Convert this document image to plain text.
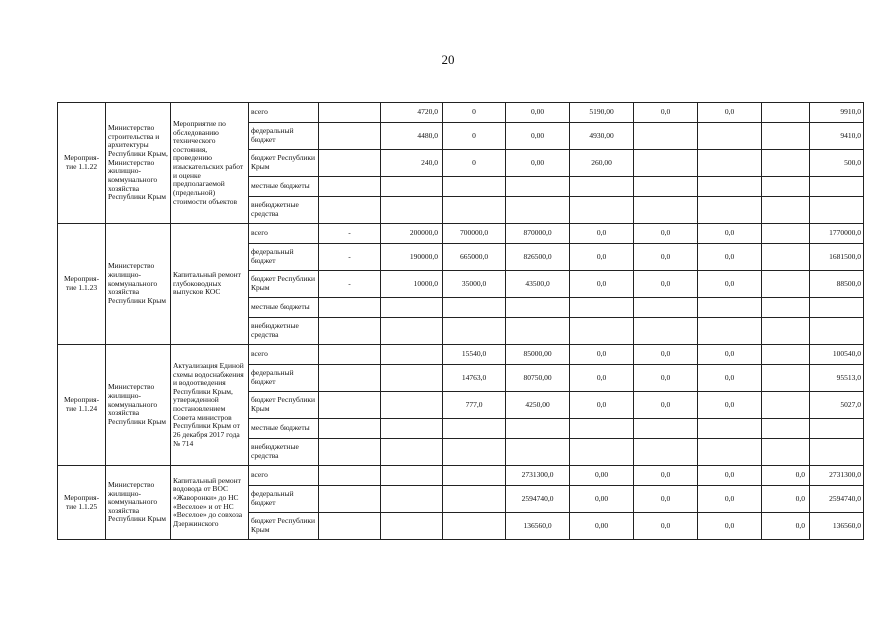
20
Мероприя-
тие 1.1.22	Министерство строительства и архитектуры Республики Крым, Министерство жилищно-коммунального хозяйства Республики Крым	Мероприятие по обследованию технического состояния, проведению изыскательских работ и оценке предполагаемой (предельной) стоимости объектов	всего		4720,0	0	0,00	5190,00	0,0	0,0		9910,0
			федеральный бюджет		4480,0	0	0,00	4930,00				9410,0
			бюджет Республики Крым		240,0	0	0,00	260,00				500,0
			местные бюджеты									
			внебюджетные средства									
Мероприя-
тие 1.1.23	Министерство жилищно-коммунального хозяйства Республики Крым	Капитальный ремонт глубоководных выпусков КОС	всего	-	200000,0	700000,0	870000,0	0,0	0,0	0,0		1770000,0
			федеральный бюджет	-	190000,0	665000,0	826500,0	0,0	0,0	0,0		1681500,0
			бюджет Республики Крым	-	10000,0	35000,0	43500,0	0,0	0,0	0,0		88500,0
			местные бюджеты									
			внебюджетные средства									
Мероприя-
тие 1.1.24	Министерство жилищно-коммунального хозяйства Республики Крым	Актуализация Единой схемы водоснабжения и водоотведения Республики Крым, утвержденной постановлением Совета министров Республики Крым от 26 декабря 2017 года № 714	всего			15540,0	85000,00	0,0	0,0	0,0		100540,0
			федеральный бюджет			14763,0	80750,00	0,0	0,0	0,0		95513,0
			бюджет Республики Крым			777,0	4250,00	0,0	0,0	0,0		5027,0
			местные бюджеты									
			внебюджетные средства									
Мероприя-
тие 1.1.25	Министерство жилищно-коммунального хозяйства Республики Крым	Капитальный ремонт водовода от ВОС «Жаворонки» до НС «Веселое» и от НС «Веселое» до совхоза Дзержинского	всего				2731300,0	0,00	0,0	0,0	0,0	2731300,0
			федеральный бюджет				2594740,0	0,00	0,0	0,0	0,0	2594740,0
			бюджет Республики Крым				136560,0	0,00	0,0	0,0	0,0	136560,0
